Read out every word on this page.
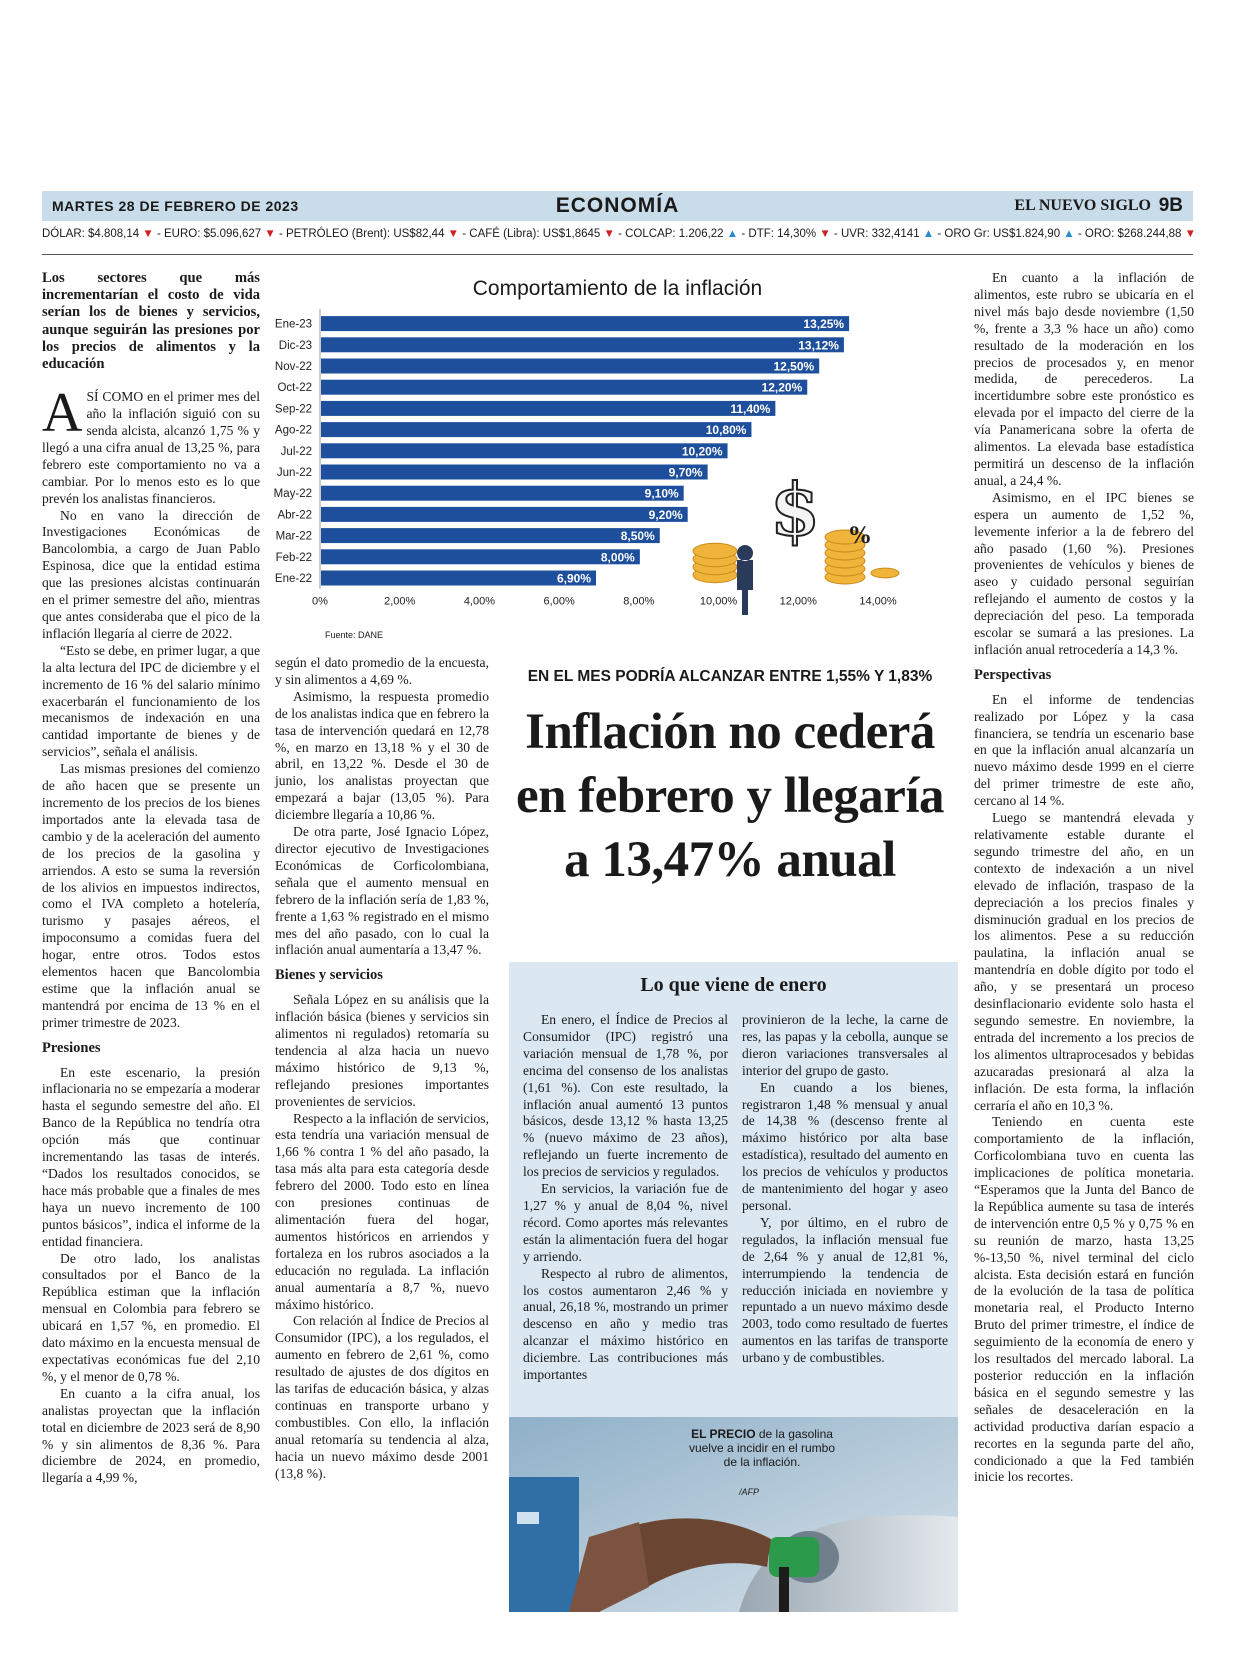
MARTES 28 DE FEBRERO DE 2023	ECONOMÍA	EL NUEVO SIGLO 9B
DÓLAR: $4.808,14 ▼ - EURO: $5.096,627 ▼ - PETRÓLEO (Brent): US$82,44 ▼ - CAFÉ (Libra): US$1,8645 ▼ - COLCAP: 1.206,22 ▲ - DTF: 14,30% ▼ - UVR: 332,4141 ▲ - ORO Gr: US$1.824,90 ▲ - ORO: $268.244,88 ▼
Los sectores que más incrementarían el costo de vida serían los de bienes y servicios, aunque seguirán las presiones por los precios de alimentos y la educación

ASÍ COMO en el primer mes del año la inflación siguió con su senda alcista, alcanzó 1,75 % y llegó a una cifra anual de 13,25 %, para febrero este comportamiento no va a cambiar. Por lo menos esto es lo que prevén los analistas financieros.

No en vano la dirección de Investigaciones Económicas de Bancolombia, a cargo de Juan Pablo Espinosa, dice que la entidad estima que las presiones alcistas continuarán en el primer semestre del año, mientras que antes consideraba que el pico de la inflación llegaría al cierre de 2022.

“Esto se debe, en primer lugar, a que la alta lectura del IPC de diciembre y el incremento de 16 % del salario mínimo exacerbarán el funcionamiento de los mecanismos de indexación en una cantidad importante de bienes y de servicios”, señala el análisis.

Las mismas presiones del comienzo de año hacen que se presente un incremento de los precios de los bienes importados ante la elevada tasa de cambio y de la aceleración del aumento de los precios de la gasolina y arriendos. A esto se suma la reversión de los alivios en impuestos indirectos, como el IVA completo a hotelería, turismo y pasajes aéreos, el impoconsumo a comidas fuera del hogar, entre otros. Todos estos elementos hacen que Bancolombia estime que la inflación anual se mantendrá por encima de 13 % en el primer trimestre de 2023.

Presiones

En este escenario, la presión inflacionaria no se empezaría a moderar hasta el segundo semestre del año. El Banco de la República no tendría otra opción más que continuar incrementando las tasas de interés. “Dados los resultados conocidos, se hace más probable que a finales de mes haya un nuevo incremento de 100 puntos básicos”, indica el informe de la entidad financiera.

De otro lado, los analistas consultados por el Banco de la República estiman que la inflación mensual en Colombia para febrero se ubicará en 1,57 %, en promedio. El dato máximo en la encuesta mensual de expectativas económicas fue del 2,10 %, y el menor de 0,78 %.

En cuanto a la cifra anual, los analistas proyectan que la inflación total en diciembre de 2023 será de 8,90 % y sin alimentos de 8,36 %. Para diciembre de 2024, en promedio, llegaría a 4,99 %,

Comportamiento de la inflación
Ene-23	13,25%
Dic-23	13,12%
Nov-22	12,50%
Oct-22	12,20%
Sep-22	11,40%
Ago-22	10,80%
Jul-22	10,20%
Jun-22	9,70%
May-22	9,10%
Abr-22	9,20%
Mar-22	8,50%
Feb-22	8,00%
Ene-22	6,90%
0%	2,00%	4,00%	6,00%	8,00%	10,00%	12,00%	14,00%
$ %
Fuente: DANE

según el dato promedio de la encuesta, y sin alimentos a 4,69 %.

Asimismo, la respuesta promedio de los analistas indica que en febrero la tasa de intervención quedará en 12,78 %, en marzo en 13,18 % y el 30 de abril, en 13,22 %. Desde el 30 de junio, los analistas proyectan que empezará a bajar (13,05 %). Para diciembre llegaría a 10,86 %.

De otra parte, José Ignacio López, director ejecutivo de Investigaciones Económicas de Corficolombiana, señala que el aumento mensual en febrero de la inflación sería de 1,83 %, frente a 1,63 % registrado en el mismo mes del año pasado, con lo cual la inflación anual aumentaría a 13,47 %.

Bienes y servicios

Señala López en su análisis que la inflación básica (bienes y servicios sin alimentos ni regulados) retomaría su tendencia al alza hacia un nuevo máximo histórico de 9,13 %, reflejando presiones importantes provenientes de servicios.

Respecto a la inflación de servicios, esta tendría una variación mensual de 1,66 % contra 1 % del año pasado, la tasa más alta para esta categoría desde febrero del 2000. Todo esto en línea con presiones continuas de alimentación fuera del hogar, aumentos históricos en arriendos y fortaleza en los rubros asociados a la educación no regulada. La inflación anual aumentaría a 8,7 %, nuevo máximo histórico.

Con relación al Índice de Precios al Consumidor (IPC), a los regulados, el aumento en febrero de 2,61 %, como resultado de ajustes de dos dígitos en las tarifas de educación básica, y alzas continuas en transporte urbano y combustibles. Con ello, la inflación anual retomaría su tendencia al alza, hacia un nuevo máximo desde 2001 (13,8 %).

EN EL MES PODRÍA ALCANZAR ENTRE 1,55% Y 1,83%
Inflación no cederá en febrero y llegaría a 13,47% anual
Lo que viene de enero

En enero, el Índice de Precios al Consumidor (IPC) registró una variación mensual de 1,78 %, por encima del consenso de los analistas (1,61 %). Con este resultado, la inflación anual aumentó 13 puntos básicos, desde 13,12 % hasta 13,25 % (nuevo máximo de 23 años), reflejando un fuerte incremento de los precios de servicios y regulados.

En servicios, la variación fue de 1,27 % y anual de 8,04 %, nivel récord. Como aportes más relevantes están la alimentación fuera del hogar y arriendo.

Respecto al rubro de alimentos, los costos aumentaron 2,46 % y anual, 26,18 %, mostrando un primer descenso en año y medio tras alcanzar el máximo histórico en diciembre. Las contribuciones más importantes

provinieron de la leche, la carne de res, las papas y la cebolla, aunque se dieron variaciones transversales al interior del grupo de gasto.

En cuando a los bienes, registraron 1,48 % mensual y anual de 14,38 % (descenso frente al máximo histórico por alta base estadística), resultado del aumento en los precios de vehículos y productos de mantenimiento del hogar y aseo personal.

Y, por último, en el rubro de regulados, la inflación mensual fue de 2,64 % y anual de 12,81 %, interrumpiendo la tendencia de reducción iniciada en noviembre y repuntado a un nuevo máximo desde 2003, todo como resultado de fuertes aumentos en las tarifas de transporte urbano y de combustibles.

EL PRECIO de la gasolina vuelve a incidir en el rumbo de la inflación.
/AFP

En cuanto a la inflación de alimentos, este rubro se ubicaría en el nivel más bajo desde noviembre (1,50 %, frente a 3,3 % hace un año) como resultado de la moderación en los precios de procesados y, en menor medida, de perecederos. La incertidumbre sobre este pronóstico es elevada por el impacto del cierre de la vía Panamericana sobre la oferta de alimentos. La elevada base estadística permitirá un descenso de la inflación anual, a 24,4 %.

Asimismo, en el IPC bienes se espera un aumento de 1,52 %, levemente inferior a la de febrero del año pasado (1,60 %). Presiones provenientes de vehículos y bienes de aseo y cuidado personal seguirían reflejando el aumento de costos y la depreciación del peso. La temporada escolar se sumará a las presiones. La inflación anual retrocedería a 14,3 %.

Perspectivas

En el informe de tendencias realizado por López y la casa financiera, se tendría un escenario base en que la inflación anual alcanzaría un nuevo máximo desde 1999 en el cierre del primer trimestre de este año, cercano al 14 %.

Luego se mantendrá elevada y relativamente estable durante el segundo trimestre del año, en un contexto de indexación a un nivel elevado de inflación, traspaso de la depreciación a los precios finales y disminución gradual en los precios de los alimentos. Pese a su reducción paulatina, la inflación anual se mantendría en doble dígito por todo el año, y se presentará un proceso desinflacionario evidente solo hasta el segundo semestre. En noviembre, la entrada del incremento a los precios de los alimentos ultraprocesados y bebidas azucaradas presionará al alza la inflación. De esta forma, la inflación cerraría el año en 10,3 %.

Teniendo en cuenta este comportamiento de la inflación, Corficolombiana tuvo en cuenta las implicaciones de política monetaria. “Esperamos que la Junta del Banco de la República aumente su tasa de interés de intervención entre 0,5 % y 0,75 % en su reunión de marzo, hasta 13,25 %-13,50 %, nivel terminal del ciclo alcista. Esta decisión estará en función de la evolución de la tasa de política monetaria real, el Producto Interno Bruto del primer trimestre, el índice de seguimiento de la economía de enero y los resultados del mercado laboral. La posterior reducción en la inflación básica en el segundo semestre y las señales de desaceleración en la actividad productiva darían espacio a recortes en la segunda parte del año, condicionado a que la Fed también inicie los recortes.
